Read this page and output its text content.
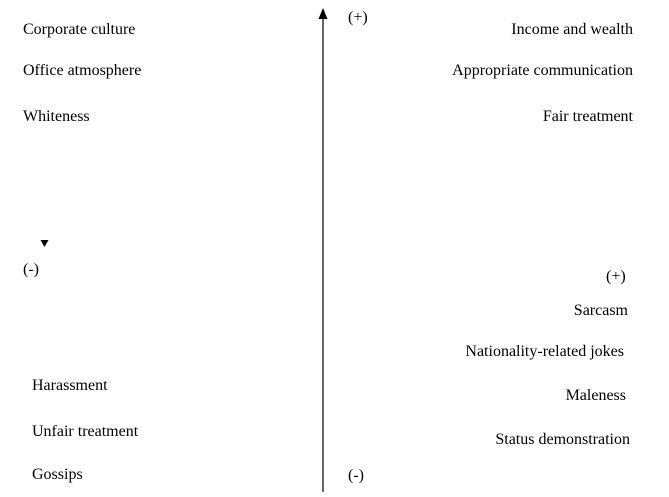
(+)
(-)
(-)	(+)
Corporate culture
Office atmosphere
Whiteness
Income and wealth
Appropriate communication
Fair treatment
Harassment
Unfair treatment
Gossips
Sarcasm
Nationality-related jokes
Maleness
Status demonstration
